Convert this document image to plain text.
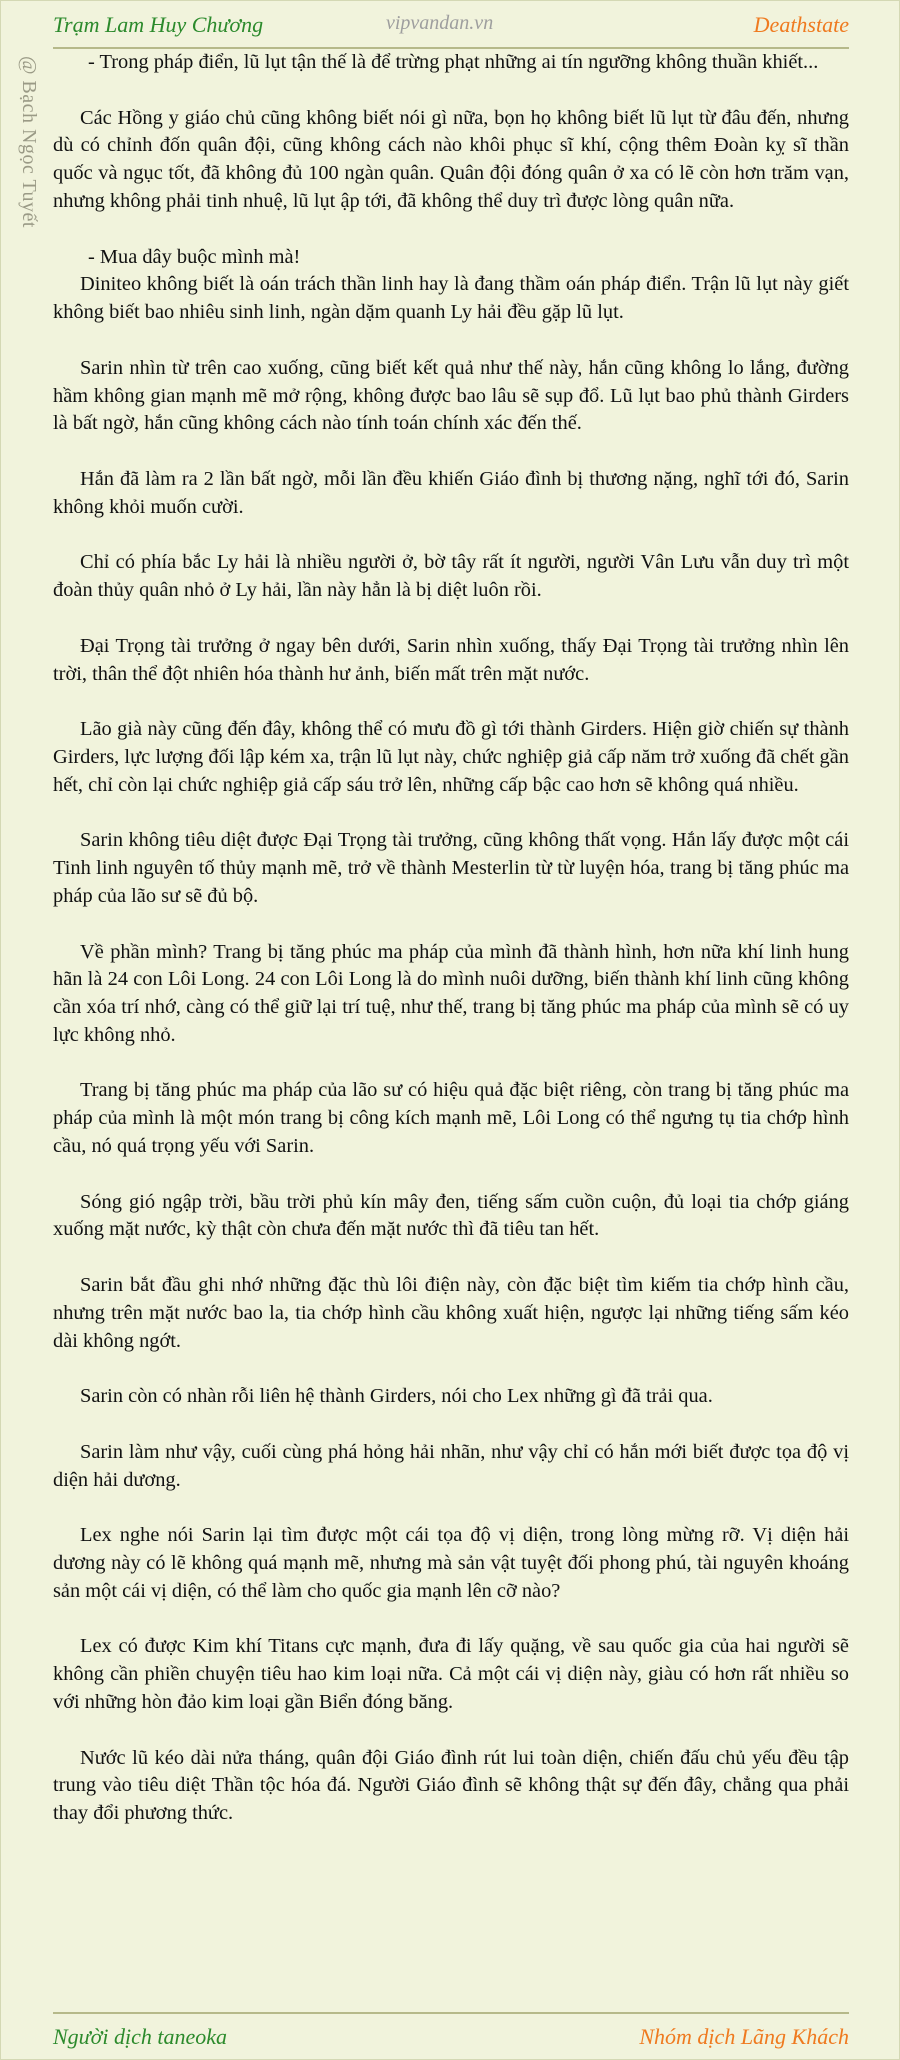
Trạm Lam Huy Chương	vipvandan.vn	Deathstate
@ Bạch Ngọc Tuyết	- Trong pháp điển, lũ lụt tận thế là để trừng phạt những ai tín ngưỡng không thuần khiết...

Các Hồng y giáo chủ cũng không biết nói gì nữa, bọn họ không biết lũ lụt từ đâu đến, nhưng dù có chỉnh đốn quân đội, cũng không cách nào khôi phục sĩ khí, cộng thêm Đoàn kỵ sĩ thần quốc và ngục tốt, đã không đủ 100 ngàn quân. Quân đội đóng quân ở xa có lẽ còn hơn trăm vạn, nhưng không phải tinh nhuệ, lũ lụt ập tới, đã không thể duy trì được lòng quân nữa.

- Mua dây buộc mình mà!

Diniteo không biết là oán trách thần linh hay là đang thầm oán pháp điển. Trận lũ lụt này giết không biết bao nhiêu sinh linh, ngàn dặm quanh Ly hải đều gặp lũ lụt.

Sarin nhìn từ trên cao xuống, cũng biết kết quả như thế này, hắn cũng không lo lắng, đường hầm không gian mạnh mẽ mở rộng, không được bao lâu sẽ sụp đổ. Lũ lụt bao phủ thành Girders là bất ngờ, hắn cũng không cách nào tính toán chính xác đến thế.

Hắn đã làm ra 2 lần bất ngờ, mỗi lần đều khiến Giáo đình bị thương nặng, nghĩ tới đó, Sarin không khỏi muốn cười.

Chỉ có phía bắc Ly hải là nhiều người ở, bờ tây rất ít người, người Vân Lưu vẫn duy trì một đoàn thủy quân nhỏ ở Ly hải, lần này hẳn là bị diệt luôn rồi.

Đại Trọng tài trưởng ở ngay bên dưới, Sarin nhìn xuống, thấy Đại Trọng tài trưởng nhìn lên trời, thân thể đột nhiên hóa thành hư ảnh, biến mất trên mặt nước.

Lão già này cũng đến đây, không thể có mưu đồ gì tới thành Girders. Hiện giờ chiến sự thành Girders, lực lượng đối lập kém xa, trận lũ lụt này, chức nghiệp giả cấp năm trở xuống đã chết gần hết, chỉ còn lại chức nghiệp giả cấp sáu trở lên, những cấp bậc cao hơn sẽ không quá nhiều.

Sarin không tiêu diệt được Đại Trọng tài trưởng, cũng không thất vọng. Hắn lấy được một cái Tinh linh nguyên tố thủy mạnh mẽ, trở về thành Mesterlin từ từ luyện hóa, trang bị tăng phúc ma pháp của lão sư sẽ đủ bộ.

Về phần mình? Trang bị tăng phúc ma pháp của mình đã thành hình, hơn nữa khí linh hung hãn là 24 con Lôi Long. 24 con Lôi Long là do mình nuôi dưỡng, biến thành khí linh cũng không cần xóa trí nhớ, càng có thể giữ lại trí tuệ, như thế, trang bị tăng phúc ma pháp của mình sẽ có uy lực không nhỏ.

Trang bị tăng phúc ma pháp của lão sư có hiệu quả đặc biệt riêng, còn trang bị tăng phúc ma pháp của mình là một món trang bị công kích mạnh mẽ, Lôi Long có thể ngưng tụ tia chớp hình cầu, nó quá trọng yếu với Sarin.

Sóng gió ngập trời, bầu trời phủ kín mây đen, tiếng sấm cuồn cuộn, đủ loại tia chớp giáng xuống mặt nước, kỳ thật còn chưa đến mặt nước thì đã tiêu tan hết.

Sarin bắt đầu ghi nhớ những đặc thù lôi điện này, còn đặc biệt tìm kiếm tia chớp hình cầu, nhưng trên mặt nước bao la, tia chớp hình cầu không xuất hiện, ngược lại những tiếng sấm kéo dài không ngớt.

Sarin còn có nhàn rỗi liên hệ thành Girders, nói cho Lex những gì đã trải qua.

Sarin làm như vậy, cuối cùng phá hỏng hải nhãn, như vậy chỉ có hắn mới biết được tọa độ vị diện hải dương.

Lex nghe nói Sarin lại tìm được một cái tọa độ vị diện, trong lòng mừng rỡ. Vị diện hải dương này có lẽ không quá mạnh mẽ, nhưng mà sản vật tuyệt đối phong phú, tài nguyên khoáng sản một cái vị diện, có thể làm cho quốc gia mạnh lên cỡ nào?

Lex có được Kim khí Titans cực mạnh, đưa đi lấy quặng, về sau quốc gia của hai người sẽ không cần phiền chuyện tiêu hao kim loại nữa. Cả một cái vị diện này, giàu có hơn rất nhiều so với những hòn đảo kim loại gần Biển đóng băng.

Nước lũ kéo dài nửa tháng, quân đội Giáo đình rút lui toàn diện, chiến đấu chủ yếu đều tập trung vào tiêu diệt Thần tộc hóa đá. Người Giáo đình sẽ không thật sự đến đây, chẳng qua phải thay đổi phương thức.

Người dịch taneoka	Nhóm dịch Lãng Khách
